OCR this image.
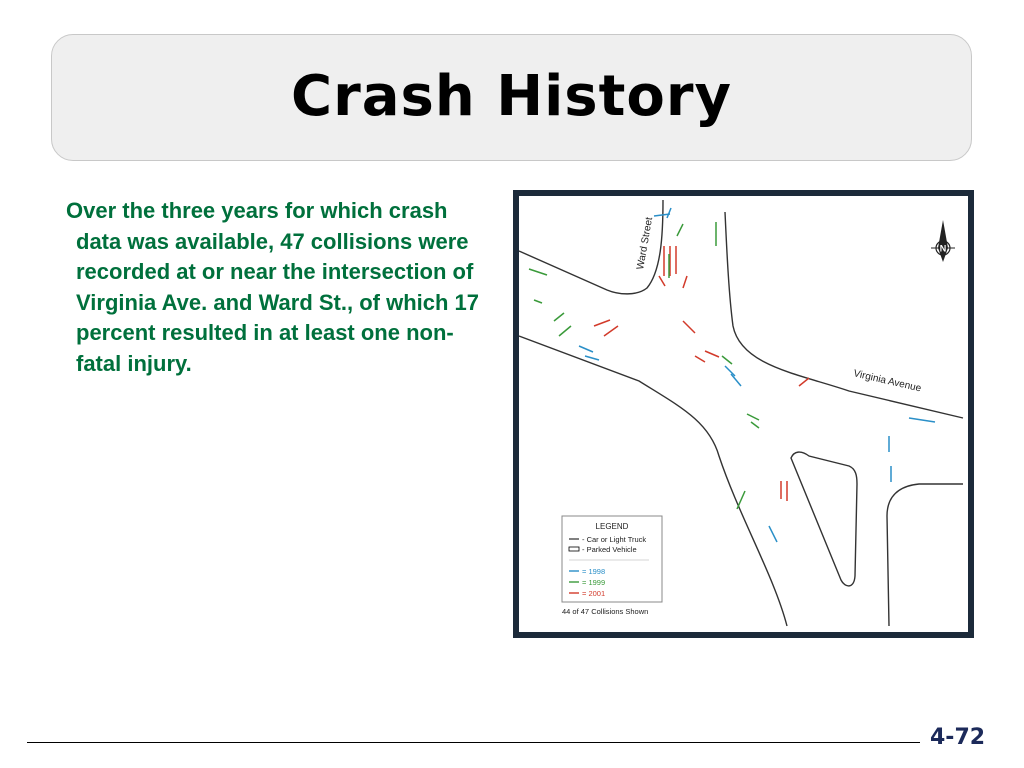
Crash History
Over the three years for which crash data was available, 47 collisions were recorded at or near the intersection of Virginia Ave. and Ward St., of which 17 percent resulted in at least one non-fatal injury.
Ward Street
Virginia Avenue
N
LEGEND
- Car or Light Truck
- Parked Vehicle
= 1998
= 1999
= 2001
44 of 47 Collisions Shown
4-72
